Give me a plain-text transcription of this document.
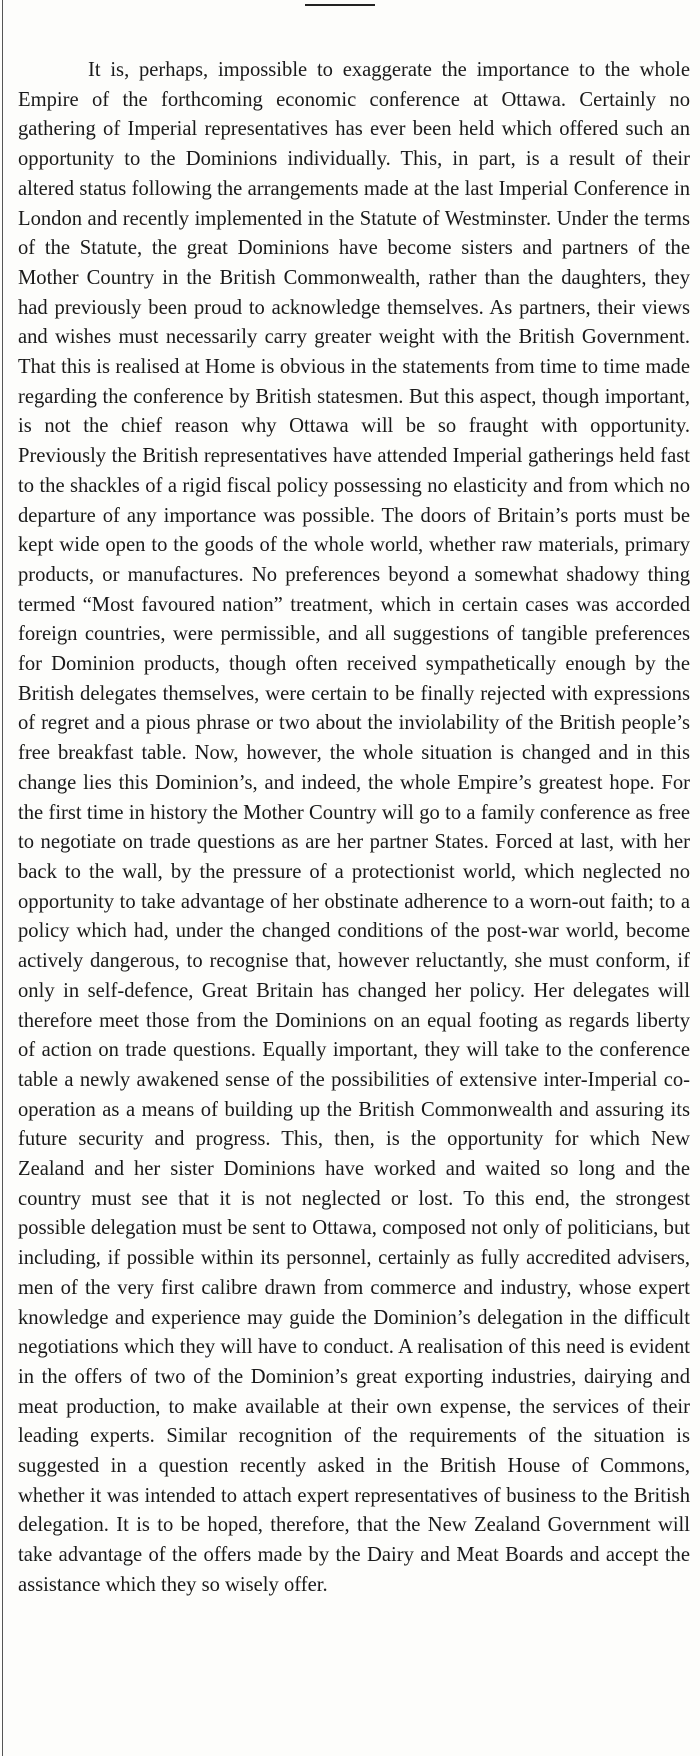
It is, perhaps, impossible to exaggerate the importance to the whole Empire of the forthcoming economic conference at Ottawa. Certainly no gathering of Imperial representatives has ever been held which offered such an opportunity to the Dominions individually. This, in part, is a result of their altered status following the arrangements made at the last Imperial Conference in London and recently implemented in the Statute of Westminster. Under the terms of the Statute, the great Dominions have become sisters and partners of the Mother Country in the British Commonwealth, rather than the daughters, they had previously been proud to acknowledge themselves. As partners, their views and wishes must necessarily carry greater weight with the British Government. That this is realised at Home is obvious in the statements from time to time made regarding the conference by British statesmen. But this aspect, though important, is not the chief reason why Ottawa will be so fraught with opportunity. Previously the British representatives have attended Imperial gatherings held fast to the shackles of a rigid fiscal policy possessing no elasticity and from which no departure of any importance was possible. The doors of Britain’s ports must be kept wide open to the goods of the whole world, whether raw materials, primary products, or manufactures. No preferences beyond a somewhat shadowy thing termed “Most favoured nation” treatment, which in certain cases was accorded foreign countries, were permissible, and all suggestions of tangible preferences for Dominion products, though often received sympathetically enough by the British delegates themselves, were certain to be finally rejected with expressions of regret and a pious phrase or two about the inviolability of the British people’s free breakfast table. Now, however, the whole situation is changed and in this change lies this Dominion’s, and indeed, the whole Empire’s greatest hope. For the first time in history the Mother Country will go to a family conference as free to negotiate on trade questions as are her partner States. Forced at last, with her back to the wall, by the pressure of a protectionist world, which neglected no opportunity to take advantage of her obstinate adherence to a worn-out faith; to a policy which had, under the changed conditions of the post-war world, become actively dangerous, to recognise that, however reluctantly, she must conform, if only in self-defence, Great Britain has changed her policy. Her delegates will therefore meet those from the Dominions on an equal footing as regards liberty of action on trade questions. Equally important, they will take to the conference table a newly awakened sense of the possibilities of extensive inter-Imperial co-operation as a means of building up the British Commonwealth and assuring its future security and progress. This, then, is the opportunity for which New Zealand and her sister Dominions have worked and waited so long and the country must see that it is not neglected or lost. To this end, the strongest possible delegation must be sent to Ottawa, composed not only of politicians, but including, if possible within its personnel, certainly as fully accredited advisers, men of the very first calibre drawn from commerce and industry, whose expert knowledge and experience may guide the Dominion’s delegation in the difficult negotiations which they will have to conduct. A realisation of this need is evident in the offers of two of the Dominion’s great exporting industries, dairying and meat production, to make available at their own expense, the services of their leading experts. Similar recognition of the requirements of the situation is suggested in a question recently asked in the British House of Commons, whether it was intended to attach expert representatives of business to the British delegation. It is to be hoped, therefore, that the New Zealand Government will take advantage of the offers made by the Dairy and Meat Boards and accept the assistance which they so wisely offer.
